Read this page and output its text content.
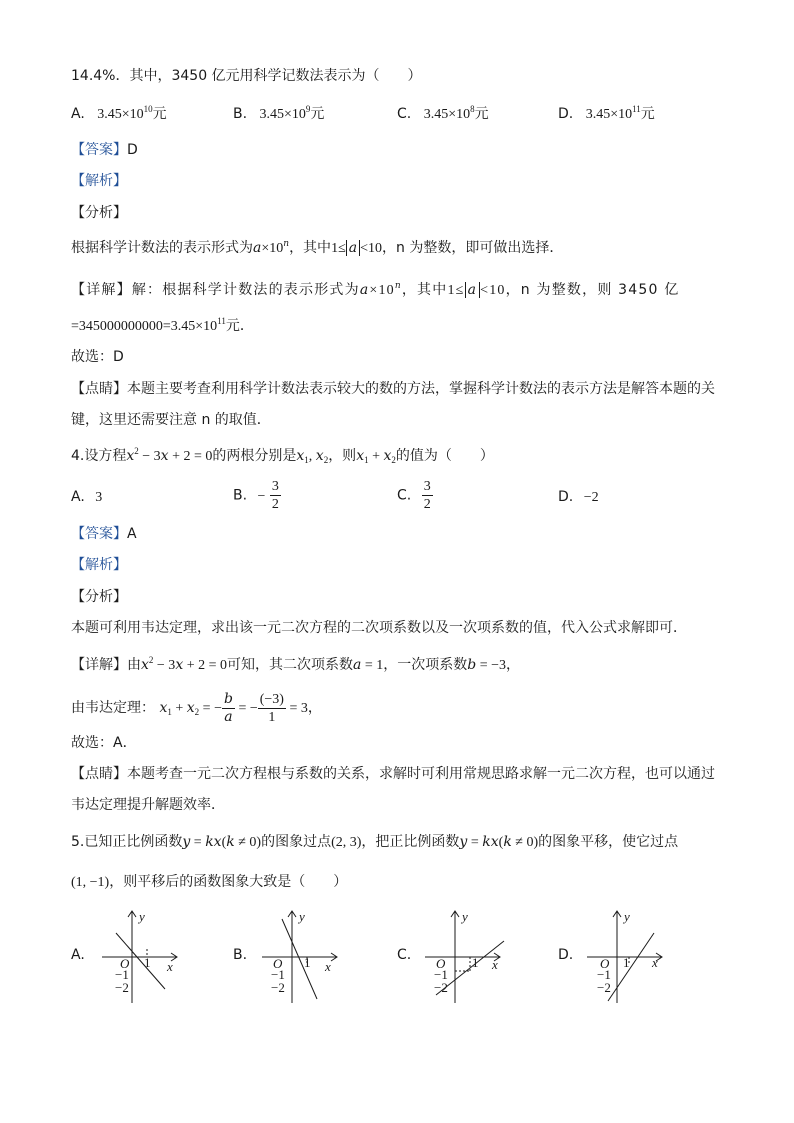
14.4%．其中，3450 亿元用科学记数法表示为（　　）
A. $3.45\times 10^{10}$元	B. $3.45\times 10^9$元	C. $3.45\times 10^8$元	D. $3.45\times 10^{11}$元
【答案】D
【解析】
【分析】
根据科学计数法的表示形式为$a\times 10^n$，其中1≤ a <10，n 为整数，即可做出选择．
【详解】解：根据科学计数法的表示形式为$a\times 10^n$，其中1≤ a <10，n 为整数，则 3450 亿
$=345000000000=3.45\times 10^{11}$元．
故选：D
【点睛】本题主要考查利用科学计数法表示较大的数的方法，掌握科学计数法的表示方法是解答本题的关
键，这里还需要注意 n 的取值．
4.设方程$x^2 - 3x + 2 = 0$的两根分别是$x_1$, $x_2$，则$x_1 + x_2$的值为（　　）
A. 3	B. − $\frac{3}{2}$	C. $\frac{3}{2}$	D. −2
【答案】A
【解析】
【分析】
本题可利用韦达定理，求出该一元二次方程的二次项系数以及一次项系数的值，代入公式求解即可．
【详解】由$x^2 - 3x + 2 = 0$可知，其二次项系数a = 1，一次项系数b = −3，
由韦达定理： $x_1 + x_2$ = − $\frac{b}{a}$ = − $\frac{(-3)}{1} = 3$，
故选：A．
【点睛】本题考查一元二次方程根与系数的关系，求解时可利用常规思路求解一元二次方程，也可以通过
韦达定理提升解题效率．
5.已知正比例函数y = kx(k ≠ 0)的图象过点(2, 3)，把正比例函数y = kx(k ≠ 0)的图象平移，使它过点
(1, −1)，则平移后的函数图象大致是（　　）
A.	B.	C.	D.
y
x
O 1
−1
−2
y
x
O 1
−1
−2
y
x
O 1
−1
−2
y
x
O 1
−1
−2
